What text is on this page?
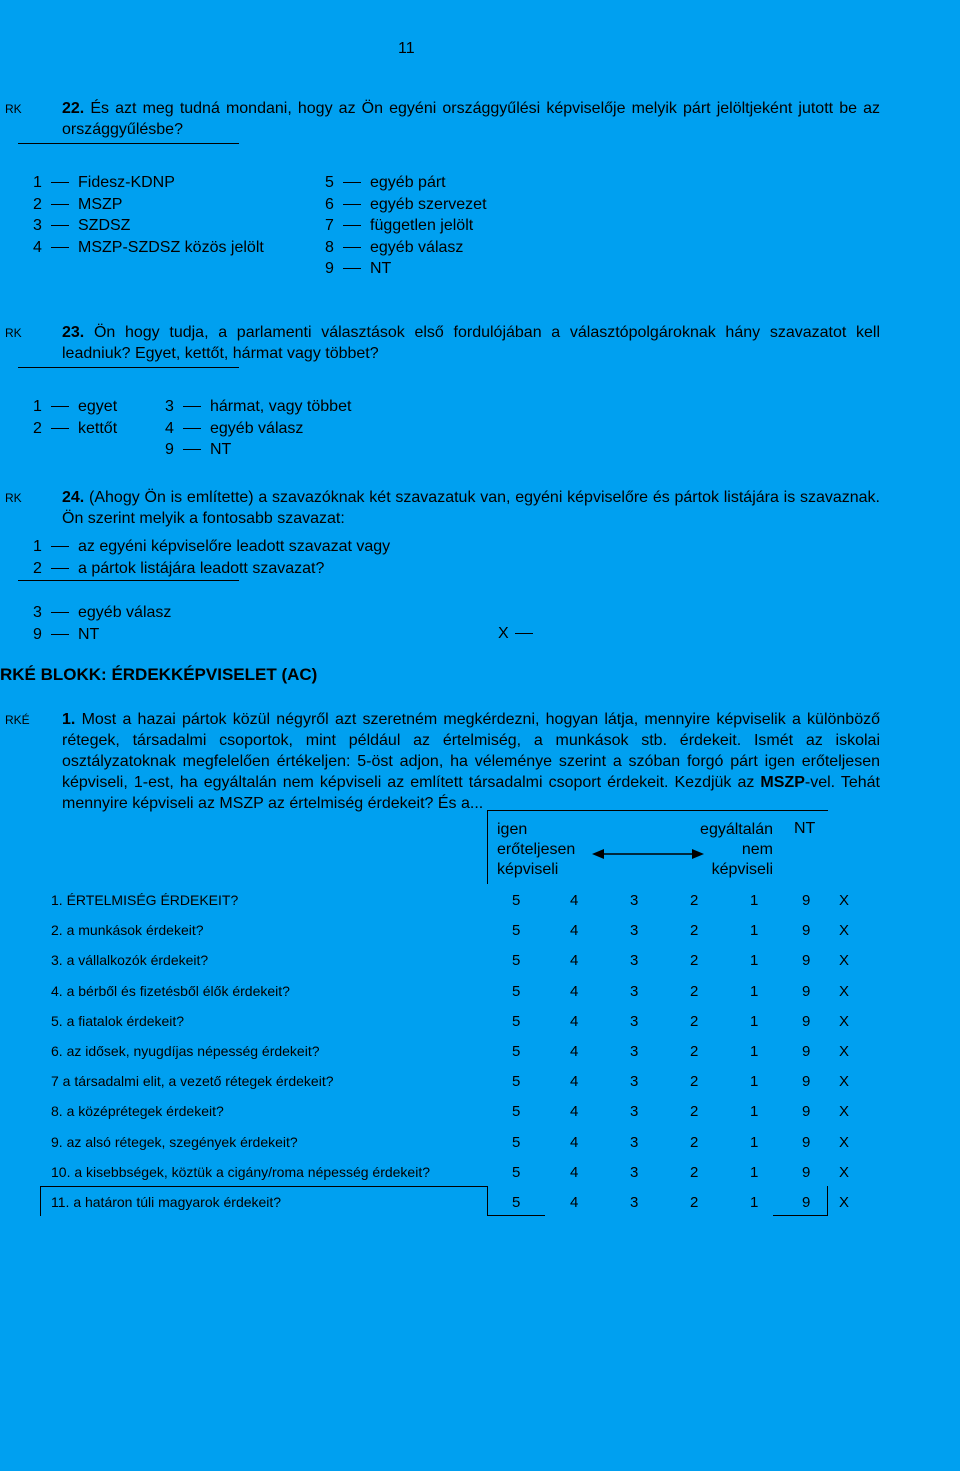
11
RK	22. És azt meg tudná mondani, hogy az Ön egyéni országgyűlési képviselője melyik párt jelöltjeként jutott be az országgyűlésbe?
1 Fidesz-KDNP
2 MSZP
3 SZDSZ
4 MSZP-SZDSZ közös jelölt
5 egyéb párt
6 egyéb szervezet
7 független jelölt
8 egyéb válasz
9 NT
RK	23. Ön hogy tudja, a parlamenti választások első fordulójában a választópolgároknak hány szavazatot kell leadniuk? Egyet, kettőt, hármat vagy többet?
1 egyet
2 kettőt
3 hármat, vagy többet
4 egyéb válasz
9 NT
RK	24. (Ahogy Ön is említette) a szavazóknak két szavazatuk van, egyéni képviselőre és pártok listájára is szavaznak. Ön szerint melyik a fontosabb szavazat:
1 az egyéni képviselőre leadott szavazat vagy
2 a pártok listájára leadott szavazat?
3 egyéb válasz
9 NT	X
RKÉ BLOKK: ÉRDEKKÉPVISELET (AC)
RKÉ 1. Most a hazai pártok közül négyről azt szeretném megkérdezni, hogyan látja, mennyire képviselik a különböző rétegek, társadalmi csoportok, mint például az értelmiség, a munkások stb. érdekeit. Ismét az iskolai osztályzatoknak megfelelően értékeljen: 5-öst adjon, ha véleménye szerint a szóban forgó párt igen erőteljesen képviseli, 1-est, ha egyáltalán nem képviseli az említett társadalmi csoport érdekeit. Kezdjük az MSZP-vel. Tehát mennyire képviseli az MSZP az értelmiség érdekeit? És a...
igen
erőteljesen
képviseli
egyáltalán
nem
képviseli
NT
1. ÉRTELMISÉG ÉRDEKEIT?	5	4	3	2	1	9 X
2. a munkások érdekeit?	5	4	3	2	1	9 X
3. a vállalkozók érdekeit?	5	4	3	2	1	9 X
4. a bérből és fizetésből élők érdekeit?	5	4	3	2	1	9 X
5. a fiatalok érdekeit?	5	4	3	2	1	9 X
6. az idősek, nyugdíjas népesség érdekeit?	5	4	3	2	1	9 X
7 a társadalmi elit, a vezető rétegek érdekeit?	5	4	3	2	1	9 X
8. a középrétegek érdekeit?	5	4	3	2	1	9 X
9. az alsó rétegek, szegények érdekeit?	5	4	3	2	1	9 X
10. a kisebbségek, köztük a cigány/roma népesség érdekeit?	5	4	3	2	1	9 X
11. a határon túli magyarok érdekeit?	5	4	3	2	1	9 X
